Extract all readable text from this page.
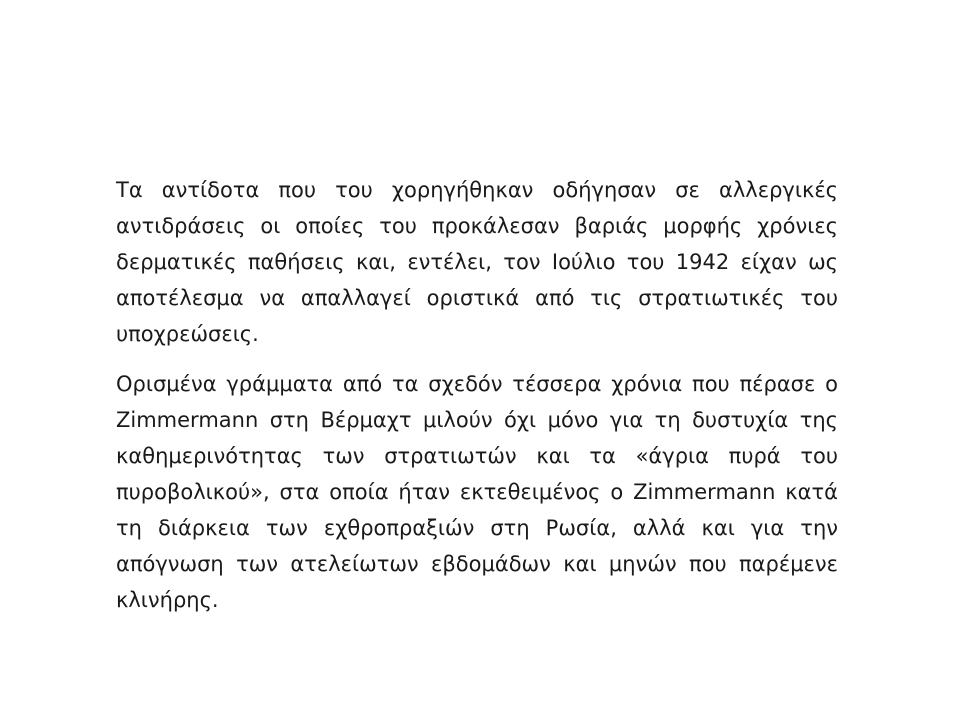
Τα αντίδοτα που του χορηγήθηκαν οδήγησαν σε αλλεργικές αντιδράσεις οι οποίες του προκάλεσαν βαριάς μορφής χρόνιες δερματικές παθήσεις και, εντέλει, τον Ιούλιο του 1942 είχαν ως αποτέλεσμα να απαλλαγεί οριστικά από τις στρατιωτικές του υποχρεώσεις.

Ορισμένα γράμματα από τα σχεδόν τέσσερα χρόνια που πέρασε ο Zimmermann στη Βέρμαχτ μιλούν όχι μόνο για τη δυστυχία της καθημερινότητας των στρατιωτών και τα «άγρια πυρά του πυροβολικού», στα οποία ήταν εκτεθειμένος ο Zimmermann κατά τη διάρκεια των εχθροπραξιών στη Ρωσία, αλλά και για την απόγνωση των ατελείωτων εβδομάδων και μηνών που παρέμενε κλινήρης.
